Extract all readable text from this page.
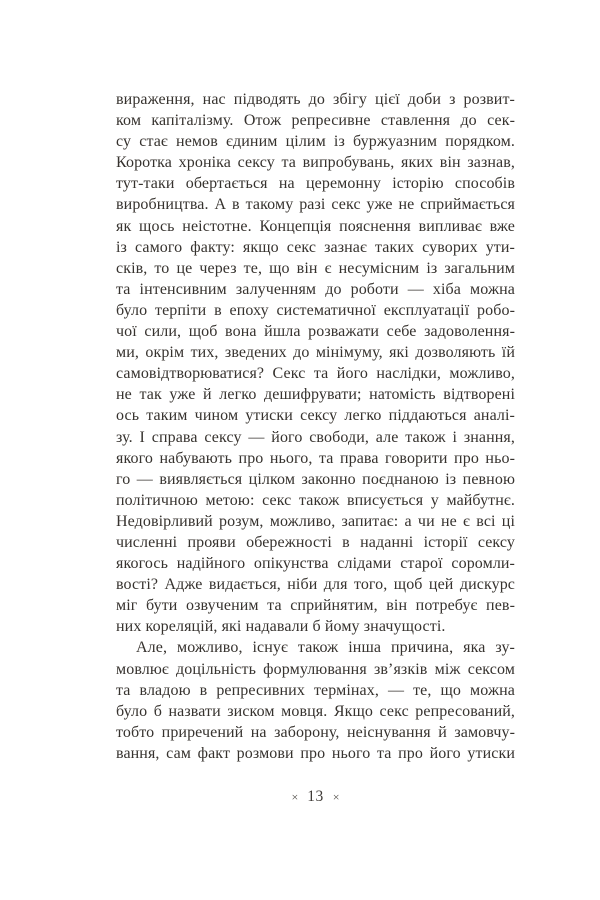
вираження, нас підводять до збігу цієї доби з розвит-
ком капіталізму. Отож репресивне ставлення до сек-
су стає немов єдиним цілим із буржуазним порядком.
Коротка хроніка сексу та випробувань, яких він зазнав,
тут-таки обертається на церемонну історію способів
виробництва. А в такому разі секс уже не сприймається
як щось неістотне. Концепція пояснення випливає вже
із самого факту: якщо секс зазнає таких суворих ути-
сків, то це через те, що він є несумісним із загальним
та інтенсивним залученням до роботи — хіба можна
було терпіти в епоху систематичної експлуатації робо-
чої сили, щоб вона йшла розважати себе задоволення-
ми, окрім тих, зведених до мінімуму, які дозволяють їй
самовідтворюватися? Секс та його наслідки, можливо,
не так уже й легко дешифрувати; натомість відтворені
ось таким чином утиски сексу легко піддаються аналі-
зу. І справа сексу — його свободи, але також і знання,
якого набувають про нього, та права говорити про ньо-
го — виявляється цілком законно поєднаною із певною
політичною метою: секс також вписується у майбутнє.
Недовірливий розум, можливо, запитає: а чи не є всі ці
численні прояви обережності в наданні історії сексу
якогось надійного опікунства слідами старої соромли-
вості? Адже видається, ніби для того, щоб цей дискурс
міг бути озвученим та сприйнятим, він потребує пев-
них кореляцій, які надавали б йому значущості.
Але, можливо, існує також інша причина, яка зу-
мовлює доцільність формулювання зв’язків між сексом
та владою в репресивних термінах, — те, що можна
було б назвати зиском мовця. Якщо секс репресований,
тобто приречений на заборону, неіснування й замовчу-
вання, сам факт розмови про нього та про його утиски
× 13 ×
